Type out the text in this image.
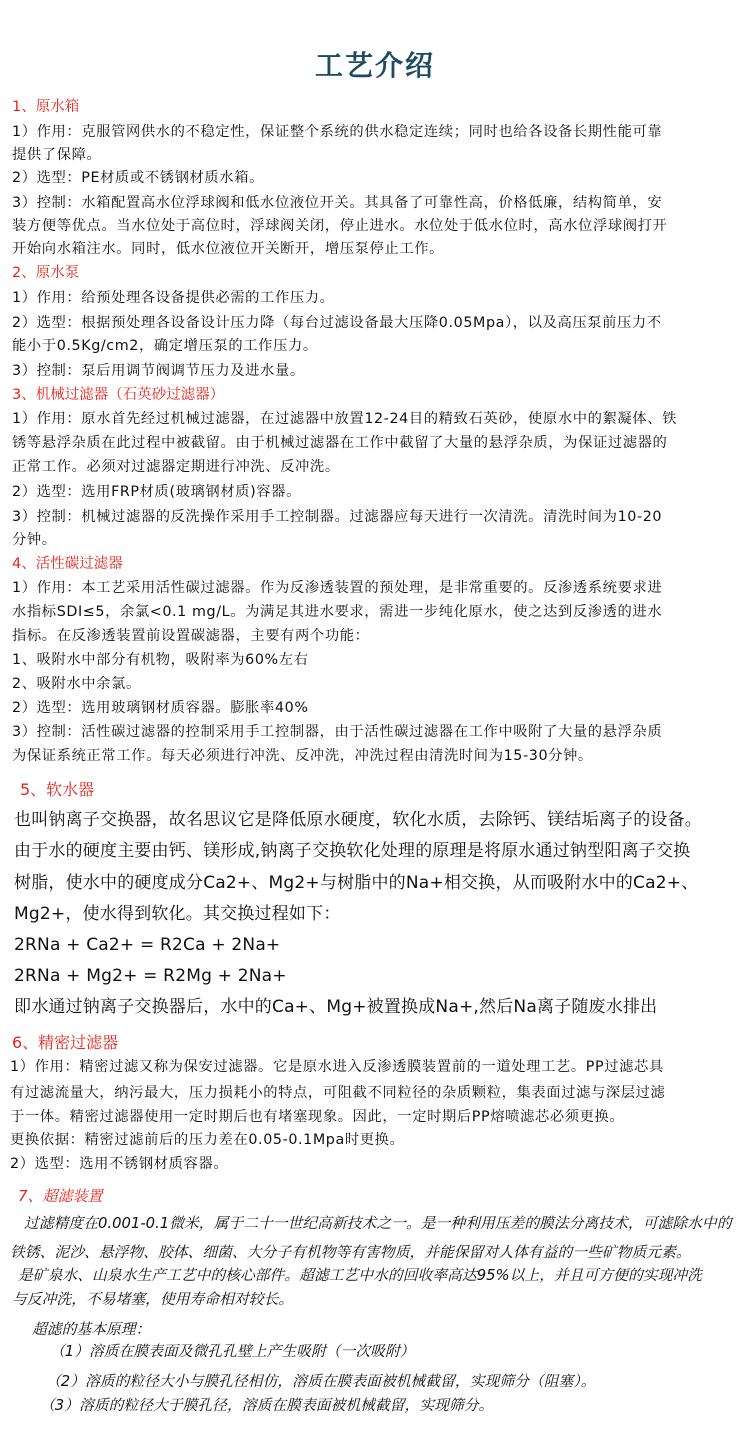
工艺介绍
1、原水箱
1）作用：克服管网供水的不稳定性，保证整个系统的供水稳定连续；同时也给各设备长期性能可靠
提供了保障。
2）选型：PE材质或不锈钢材质水箱。
3）控制：水箱配置高水位浮球阀和低水位液位开关。其具备了可靠性高，价格低廉，结构简单，安
装方便等优点。当水位处于高位时，浮球阀关闭，停止进水。水位处于低水位时，高水位浮球阀打开
开始向水箱注水。同时，低水位液位开关断开，增压泵停止工作。
2、原水泵
1）作用：给预处理各设备提供必需的工作压力。
2）选型：根据预处理各设备设计压力降（每台过滤设备最大压降0.05Mpa），以及高压泵前压力不
能小于0.5Kg/cm2，确定增压泵的工作压力。
3）控制：泵后用调节阀调节压力及进水量。
3、机械过滤器（石英砂过滤器）
1）作用：原水首先经过机械过滤器，在过滤器中放置12-24目的精致石英砂，使原水中的絮凝体、铁
锈等悬浮杂质在此过程中被截留。由于机械过滤器在工作中截留了大量的悬浮杂质，为保证过滤器的
正常工作。必须对过滤器定期进行冲洗、反冲洗。
2）选型：选用FRP材质(玻璃钢材质)容器。
3）控制：机械过滤器的反洗操作采用手工控制器。过滤器应每天进行一次清洗。清洗时间为10-20
分钟。
4、活性碳过滤器
1）作用：本工艺采用活性碳过滤器。作为反渗透装置的预处理，是非常重要的。反渗透系统要求进
水指标SDI≤5，余氯<0.1 mg/L。为满足其进水要求，需进一步纯化原水，使之达到反渗透的进水
指标。在反渗透装置前设置碳滤器，主要有两个功能：
1、吸附水中部分有机物，吸附率为60%左右
2、吸附水中余氯。
2）选型：选用玻璃钢材质容器。膨胀率40%
3）控制：活性碳过滤器的控制采用手工控制器，由于活性碳过滤器在工作中吸附了大量的悬浮杂质
为保证系统正常工作。每天必须进行冲洗、反冲洗，冲洗过程由清洗时间为15-30分钟。
5、软水器
也叫钠离子交换器，故名思议它是降低原水硬度，软化水质，去除钙、镁结垢离子的设备。
由于水的硬度主要由钙、镁形成,钠离子交换软化处理的原理是将原水通过钠型阳离子交换
树脂，使水中的硬度成分Ca2+、Mg2+与树脂中的Na+相交换，从而吸附水中的Ca2+、
Mg2+，使水得到软化。其交换过程如下：
2RNa + Ca2+ = R2Ca + 2Na+
2RNa + Mg2+ = R2Mg + 2Na+
即水通过钠离子交换器后，水中的Ca+、Mg+被置换成Na+,然后Na离子随废水排出
6、精密过滤器
1）作用：精密过滤又称为保安过滤器。它是原水进入反渗透膜装置前的一道处理工艺。PP过滤芯具
有过滤流量大，纳污最大，压力损耗小的特点，可阻截不同粒径的杂质颗粒，集表面过滤与深层过滤
于一体。精密过滤器使用一定时期后也有堵塞现象。因此，一定时期后PP熔喷滤芯必须更换。
更换依据：精密过滤前后的压力差在0.05-0.1Mpa时更换。
2）选型：选用不锈钢材质容器。
7、超滤装置
过滤精度在0.001-0.1微米，属于二十一世纪高新技术之一。是一种利用压差的膜法分离技术，可滤除水中的
铁锈、泥沙、悬浮物、胶体、细菌、大分子有机物等有害物质，并能保留对人体有益的一些矿物质元素。
是矿泉水、山泉水生产工艺中的核心部件。超滤工艺中水的回收率高达95%以上，并且可方便的实现冲洗
与反冲洗，不易堵塞，使用寿命相对较长。
超滤的基本原理：
（1）溶质在膜表面及微孔孔壁上产生吸附（一次吸附）
（2）溶质的粒径大小与膜孔径相仿，溶质在膜表面被机械截留，实现筛分（阻塞）。
（3）溶质的粒径大于膜孔径，溶质在膜表面被机械截留，实现筛分。
